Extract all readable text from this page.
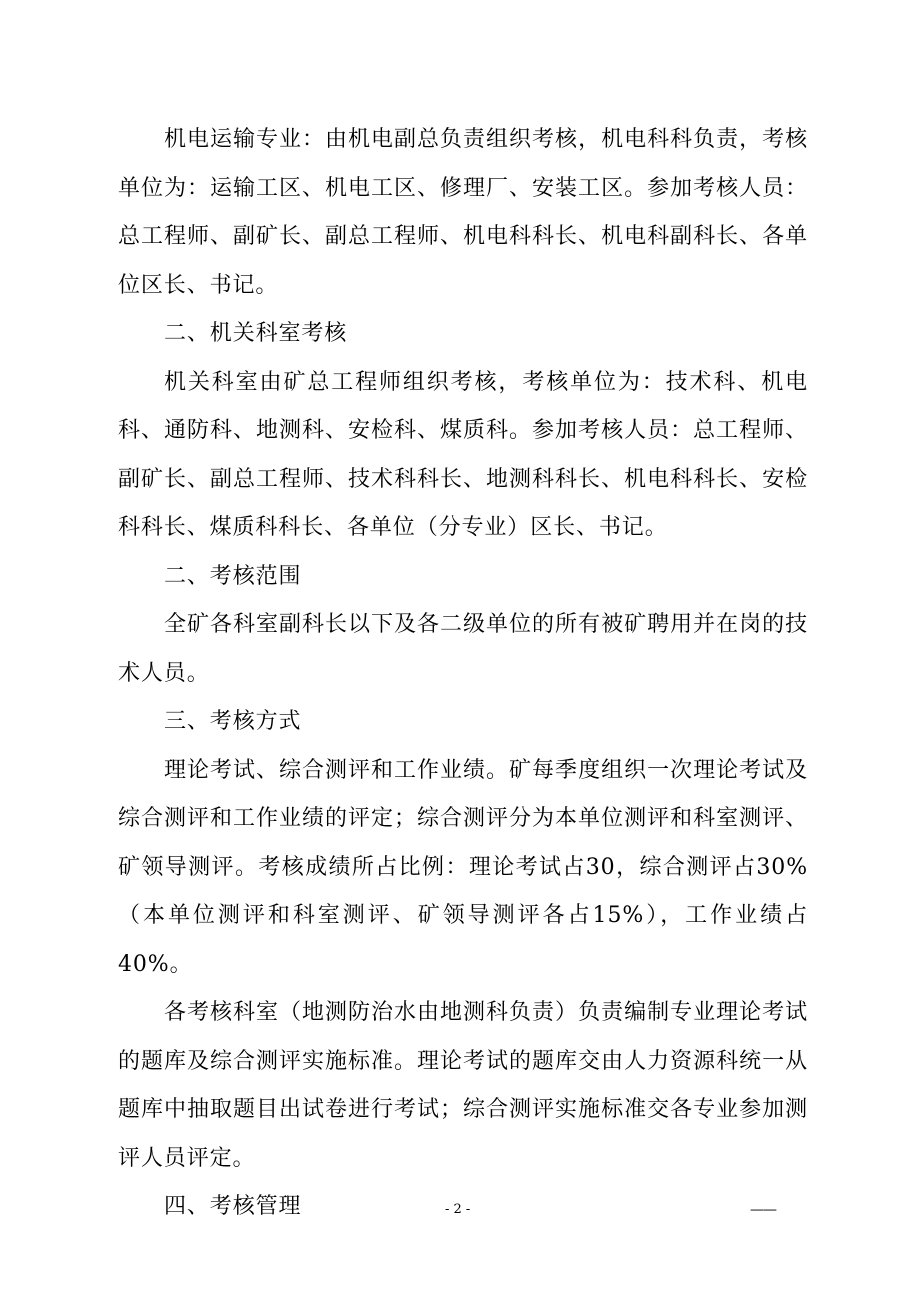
机电运输专业：由机电副总负责组织考核，机电科科负责，考核单位为：运输工区、机电工区、修理厂、安装工区。参加考核人员：总工程师、副矿长、副总工程师、机电科科长、机电科副科长、各单位区长、书记。

二、机关科室考核

机关科室由矿总工程师组织考核，考核单位为：技术科、机电科、通防科、地测科、安检科、煤质科。参加考核人员：总工程师、副矿长、副总工程师、技术科科长、地测科科长、机电科科长、安检科科长、煤质科科长、各单位（分专业）区长、书记。

二、考核范围

全矿各科室副科长以下及各二级单位的所有被矿聘用并在岗的技术人员。

三、考核方式

理论考试、综合测评和工作业绩。矿每季度组织一次理论考试及综合测评和工作业绩的评定；综合测评分为本单位测评和科室测评、矿领导测评。考核成绩所占比例：理论考试占30，综合测评占30%（本单位测评和科室测评、矿领导测评各占15%），工作业绩占40%。

各考核科室（地测防治水由地测科负责）负责编制专业理论考试的题库及综合测评实施标准。理论考试的题库交由人力资源科统一从题库中抽取题目出试卷进行考试；综合测评实施标准交各专业参加测评人员评定。

四、考核管理	- 2 -	——
